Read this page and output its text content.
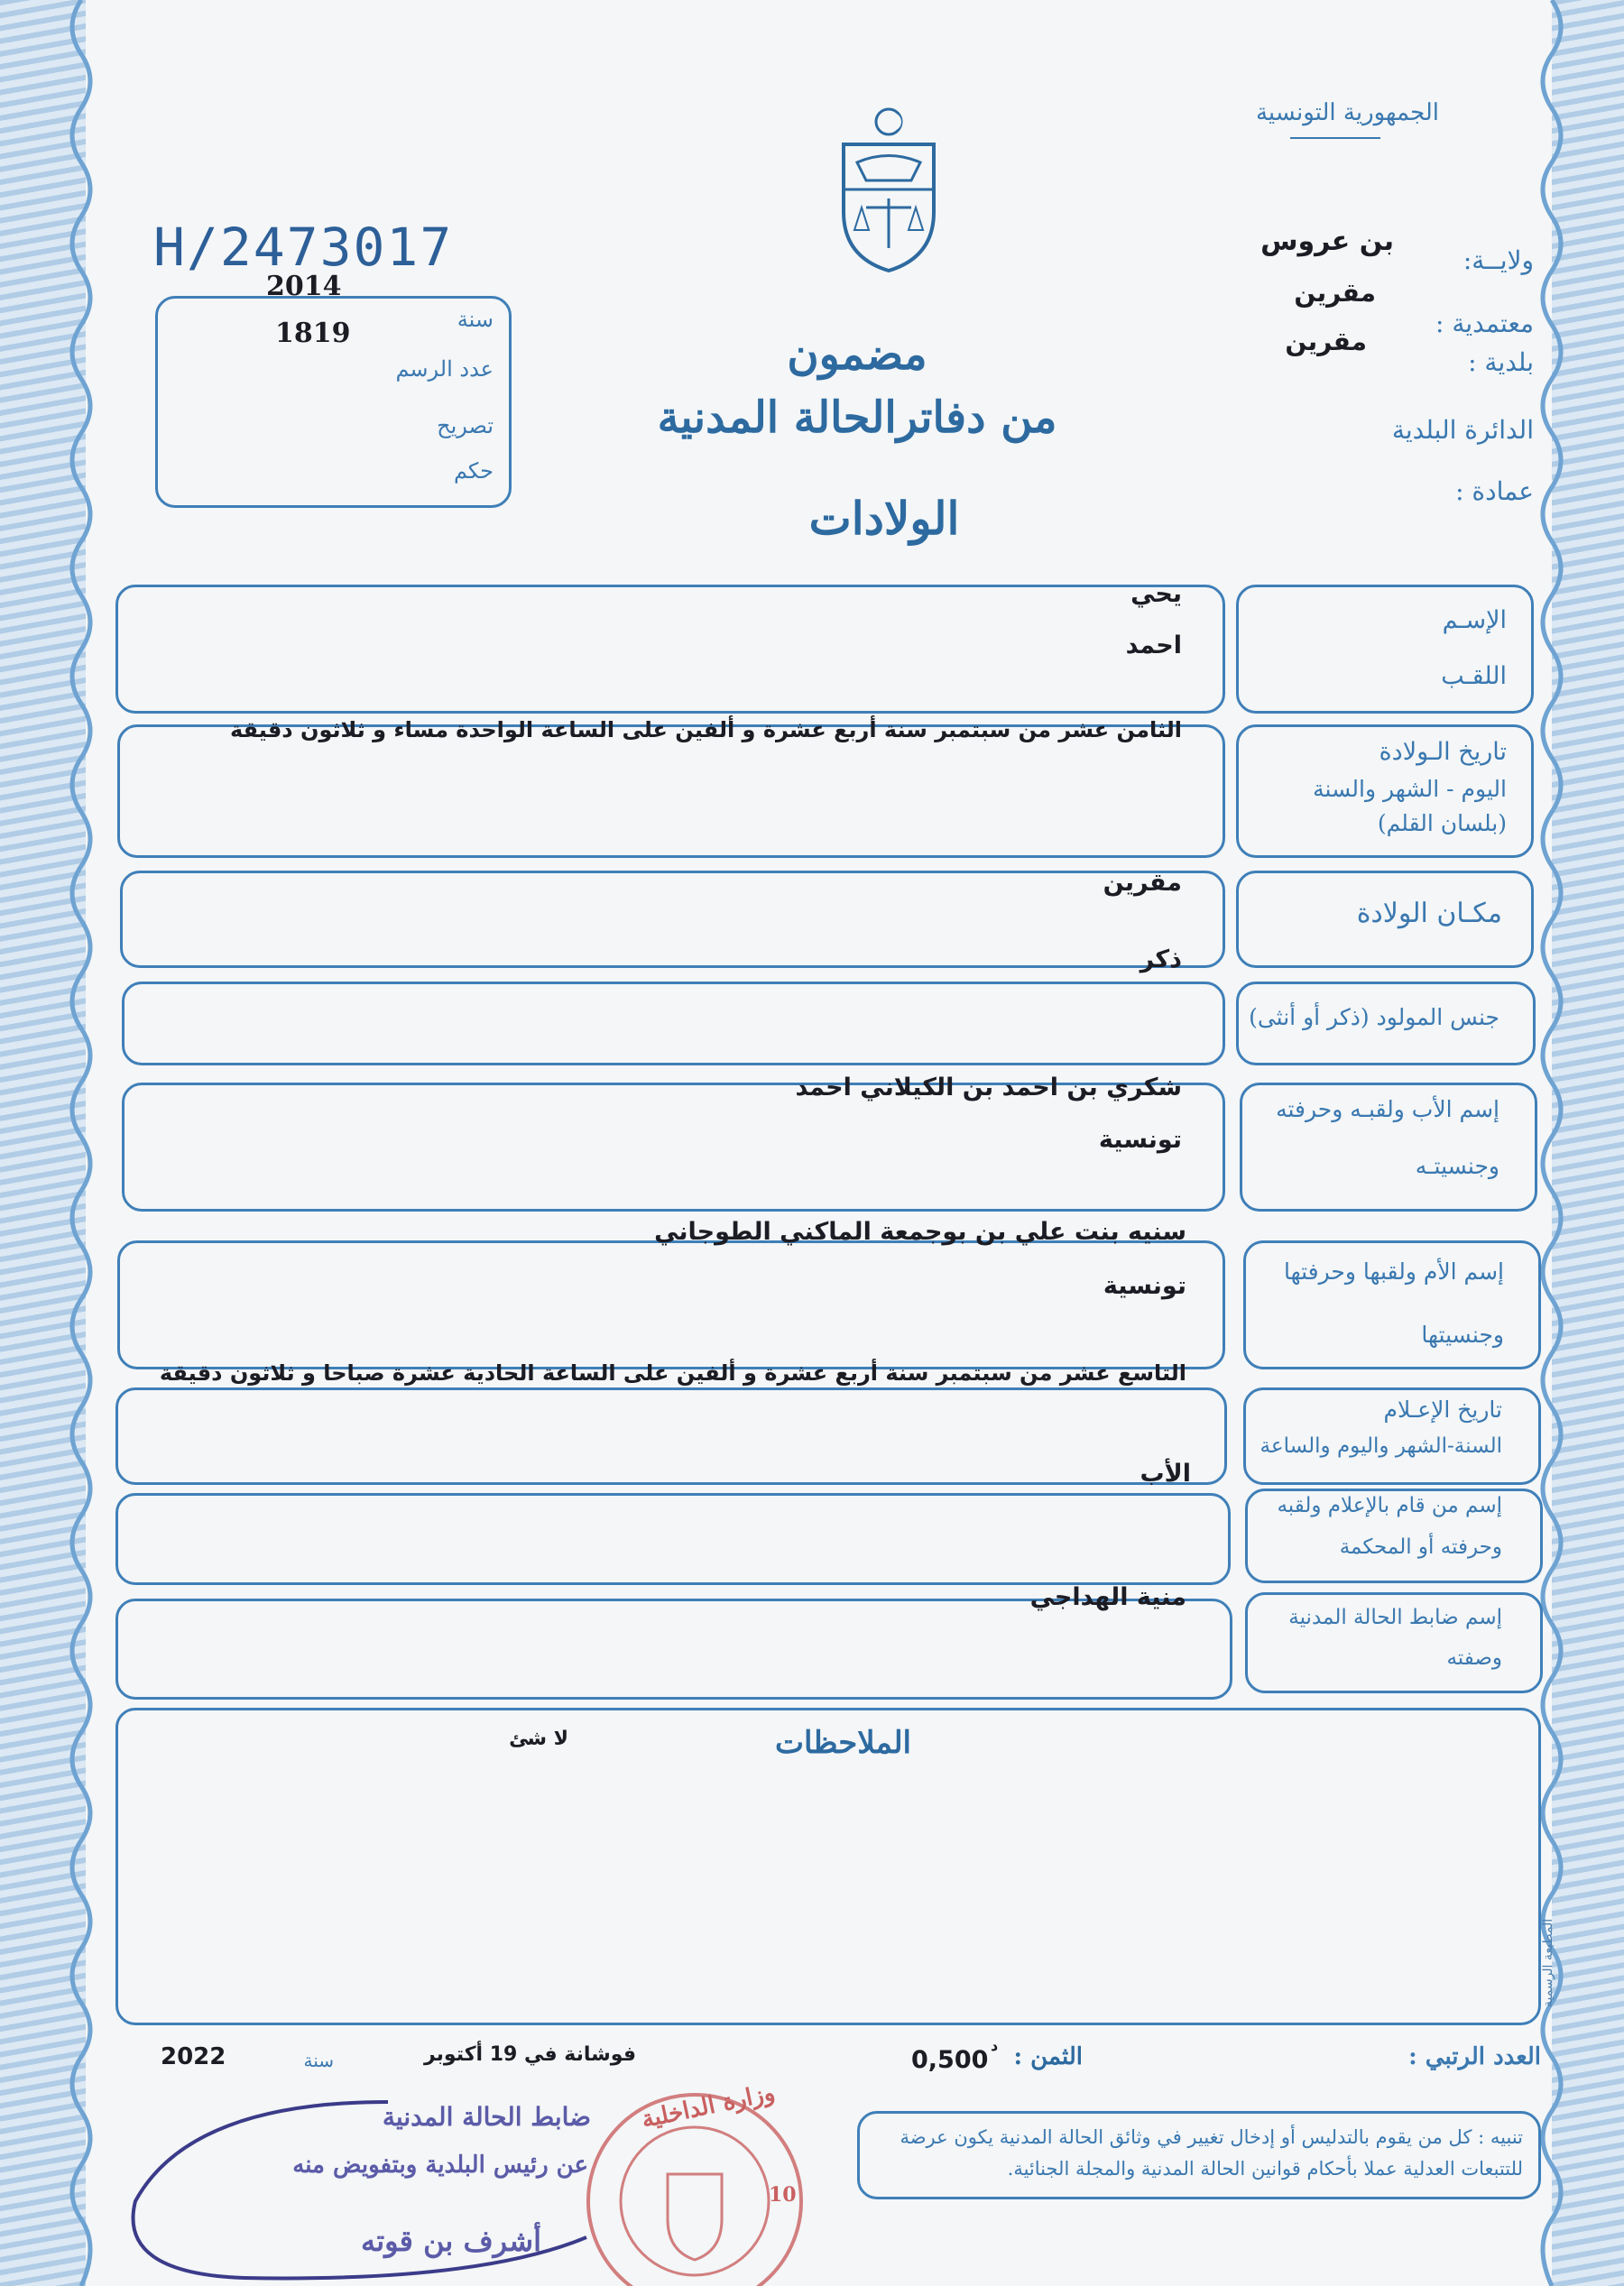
الجمهورية التونسية
H/2473017
2014
1819	سنة
عدد الرسم
تصريح
حكم
ولايــة:
بن عروس
معتمدية :
مقرين
بلدية :
مقرين
الدائرة البلدية
عمادة :
مضمون
من دفاترالحالة المدنية
الولادات
الإسـم
اللقـب
يحي
احمد
تاريخ الـولادة
اليوم - الشهر والسنة
(بلسان القلم)
الثامن عشر من سبتمبر سنة أربع عشرة و ألفين على الساعة الواحدة مساء و ثلاثون دقيقة
مكـان الولادة
مقرين
جنس المولود (ذكر أو أنثى)
ذكر
إسم الأب ولقبـه وحرفته
وجنسيتـه
شكري بن احمد بن الكيلاني احمد
تونسية
إسم الأم ولقبها وحرفتها
وجنسيتها
سنيه بنت علي بن بوجمعة الماكني الطوجاني
تونسية
تاريخ الإعـلام
السنة-الشهر واليوم والساعة
التاسع عشر من سبتمبر سنة أربع عشرة و ألفين على الساعة الحادية عشرة صباحا و ثلاثون دقيقة
إسم من قام بالإعلام ولقبه
وحرفته أو المحكمة
الأب
إسم ضابط الحالة المدنية
وصفته
منية الهداجي
الملاحظات
لا شئ
المطبعة الرسمية
العدد الرتبي :
الثمن :
0,500
د
فوشانة في 19 أكتوبر
سنة
2022
تنبيه : كل من يقوم بالتدليس أو إدخال تغيير في وثائق الحالة المدنية يكون عرضة للتتبعات العدلية عملا بأحكام قوانين الحالة المدنية والمجلة الجنائية.
ضابط الحالة المدنية
عن رئيس البلدية وبتفويض منه
أشرف بن قوته
وزارة الداخلية
10
